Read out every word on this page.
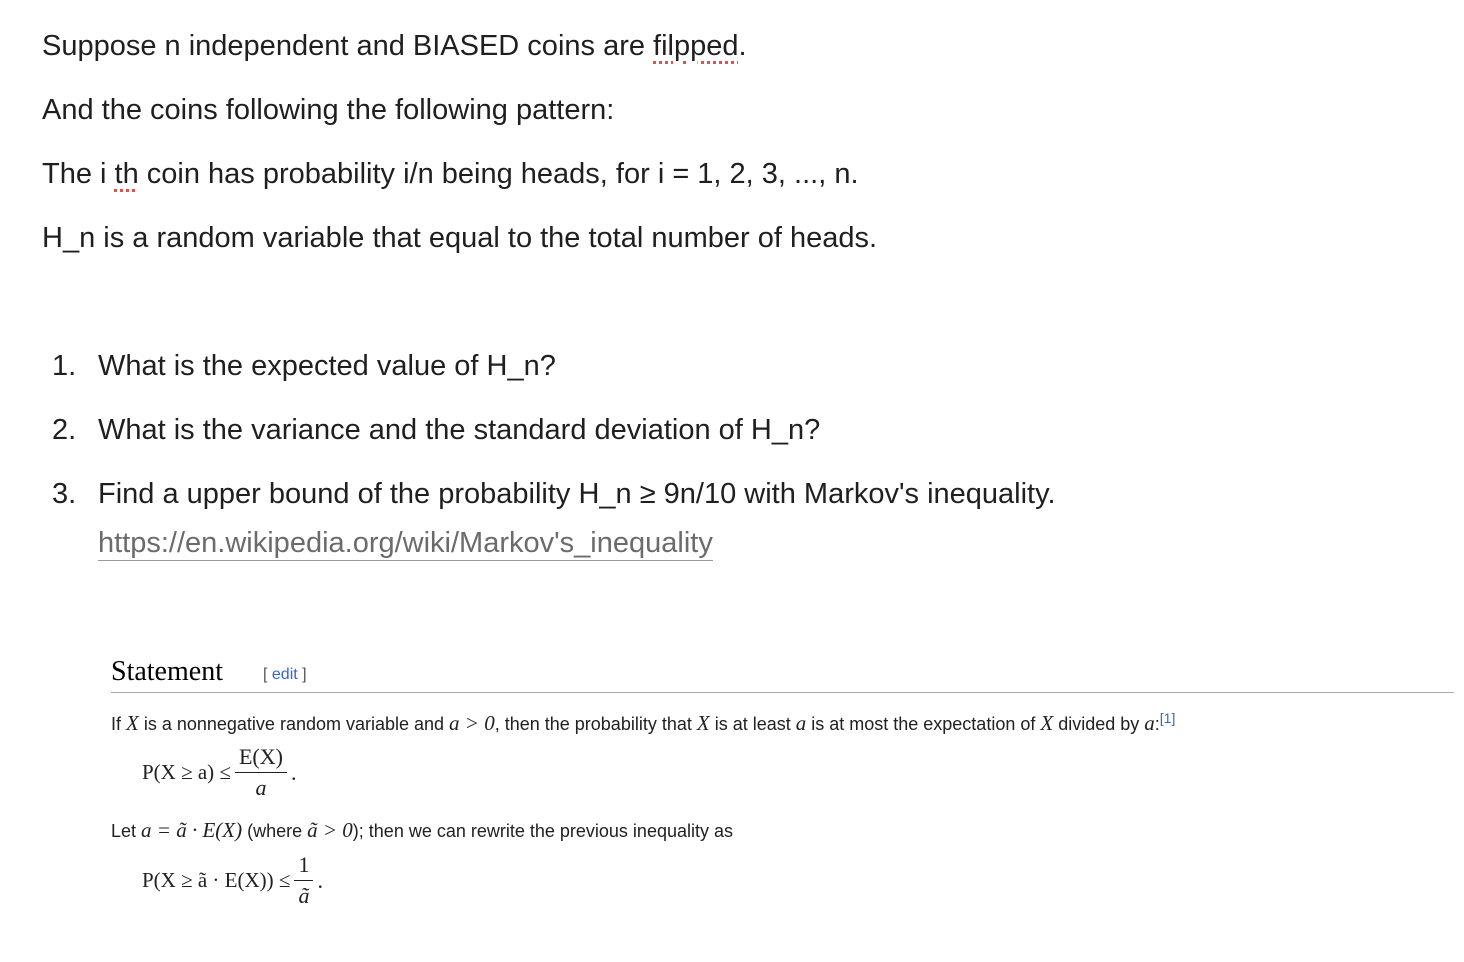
Suppose n independent and BIASED coins are filpped.
And the coins following the following pattern:
The i th coin has probability i/n being heads, for i = 1, 2, 3, ..., n.
H_n is a random variable that equal to the total number of heads.
1. What is the expected value of H_n?
2. What is the variance and the standard deviation of H_n?
3. Find a upper bound of the probability H_n ≥ 9n/10 with Markov's inequality.
https://en.wikipedia.org/wiki/Markov's_inequality
Statement	[ edit ]
If X is a nonnegative random variable and a > 0, then the probability that X is at least a is at most the expectation of X divided by a:[1]
$P(X \ge a) \le \frac{E(X)}{a}$ .
Let a = ã · E(X) (where ã > 0); then we can rewrite the previous inequality as
P(X ≥ ã · $E(X)) \le \frac{1}{ã}$ .
